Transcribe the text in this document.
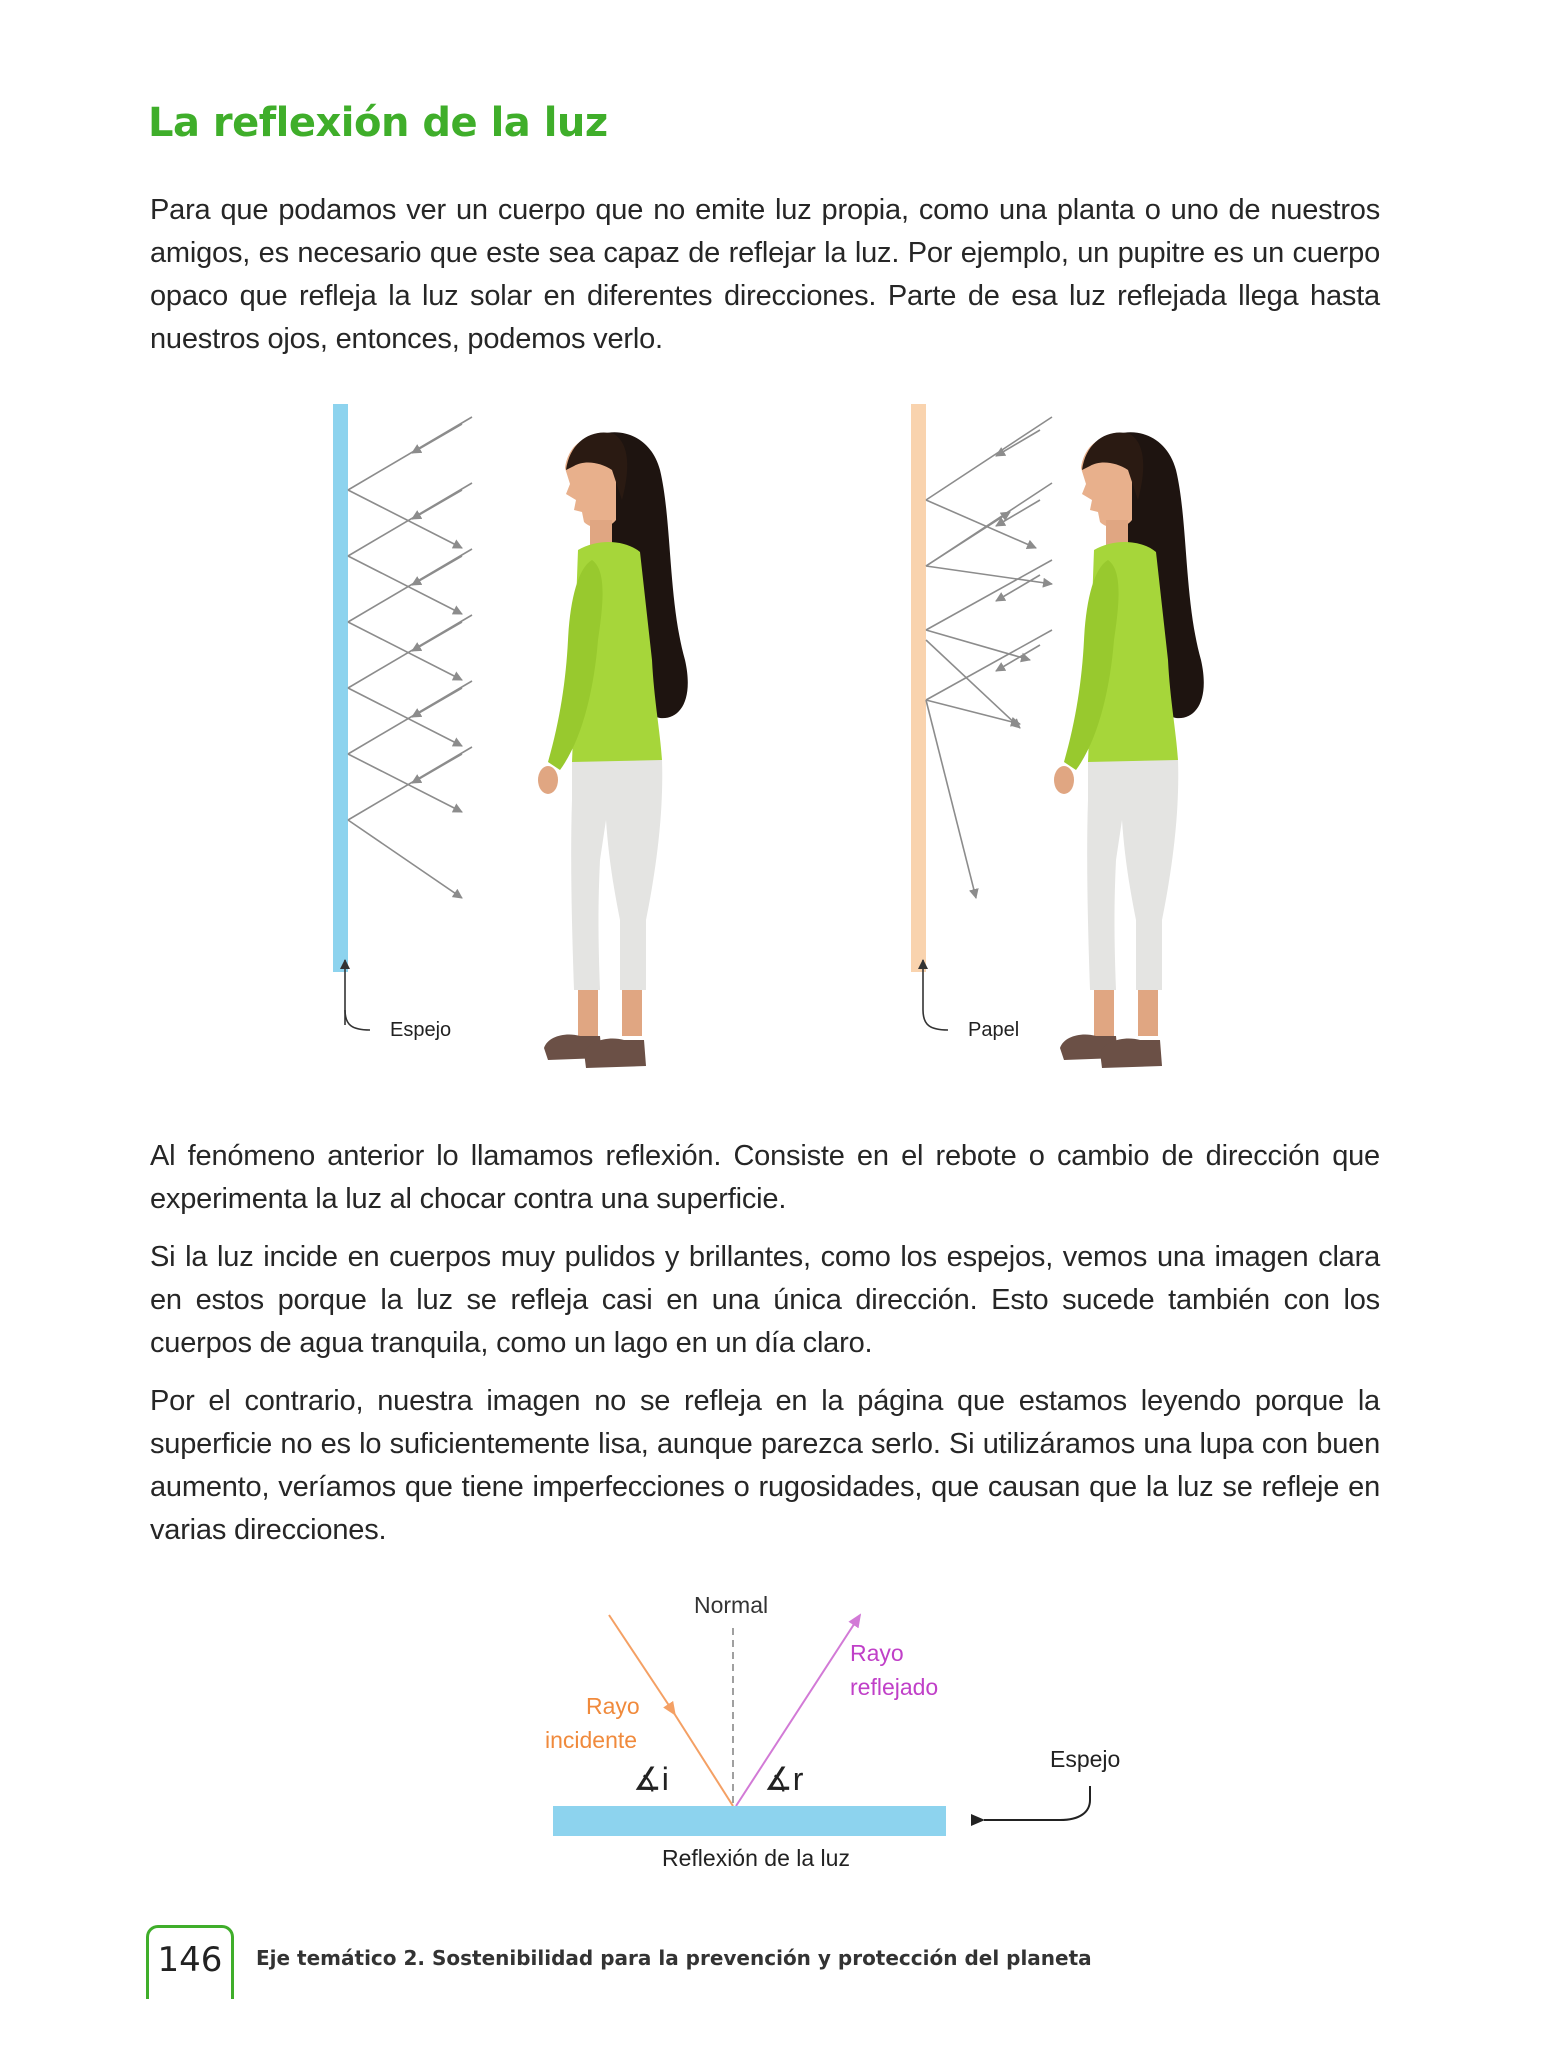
La reflexión de la luz

Para que podamos ver un cuerpo que no emite luz propia, como una planta o uno de nuestros amigos, es necesario que este sea capaz de reflejar la luz. Por ejemplo, un pupitre es un cuerpo opaco que refleja la luz solar en diferentes direcciones. Parte de esa luz reflejada llega hasta nuestros ojos, entonces, podemos verlo.

Espejo	Papel

Al fenómeno anterior lo llamamos reflexión. Consiste en el rebote o cambio de dirección que experimenta la luz al chocar contra una superficie.

Si la luz incide en cuerpos muy pulidos y brillantes, como los espejos, vemos una imagen clara en estos porque la luz se refleja casi en una única dirección. Esto sucede también con los cuerpos de agua tranquila, como un lago en un día claro.

Por el contrario, nuestra imagen no se refleja en la página que estamos leyendo porque la superficie no es lo suficientemente lisa, aunque parezca serlo. Si utilizáramos una lupa con buen aumento, veríamos que tiene imperfecciones o rugosidades, que causan que la luz se refleje en varias direcciones.

Normal
Rayo
incidente
Rayo
reflejado
∡i	∡r
Espejo
Reflexión de la luz
146	Eje temático 2. Sostenibilidad para la prevención y protección del planeta
